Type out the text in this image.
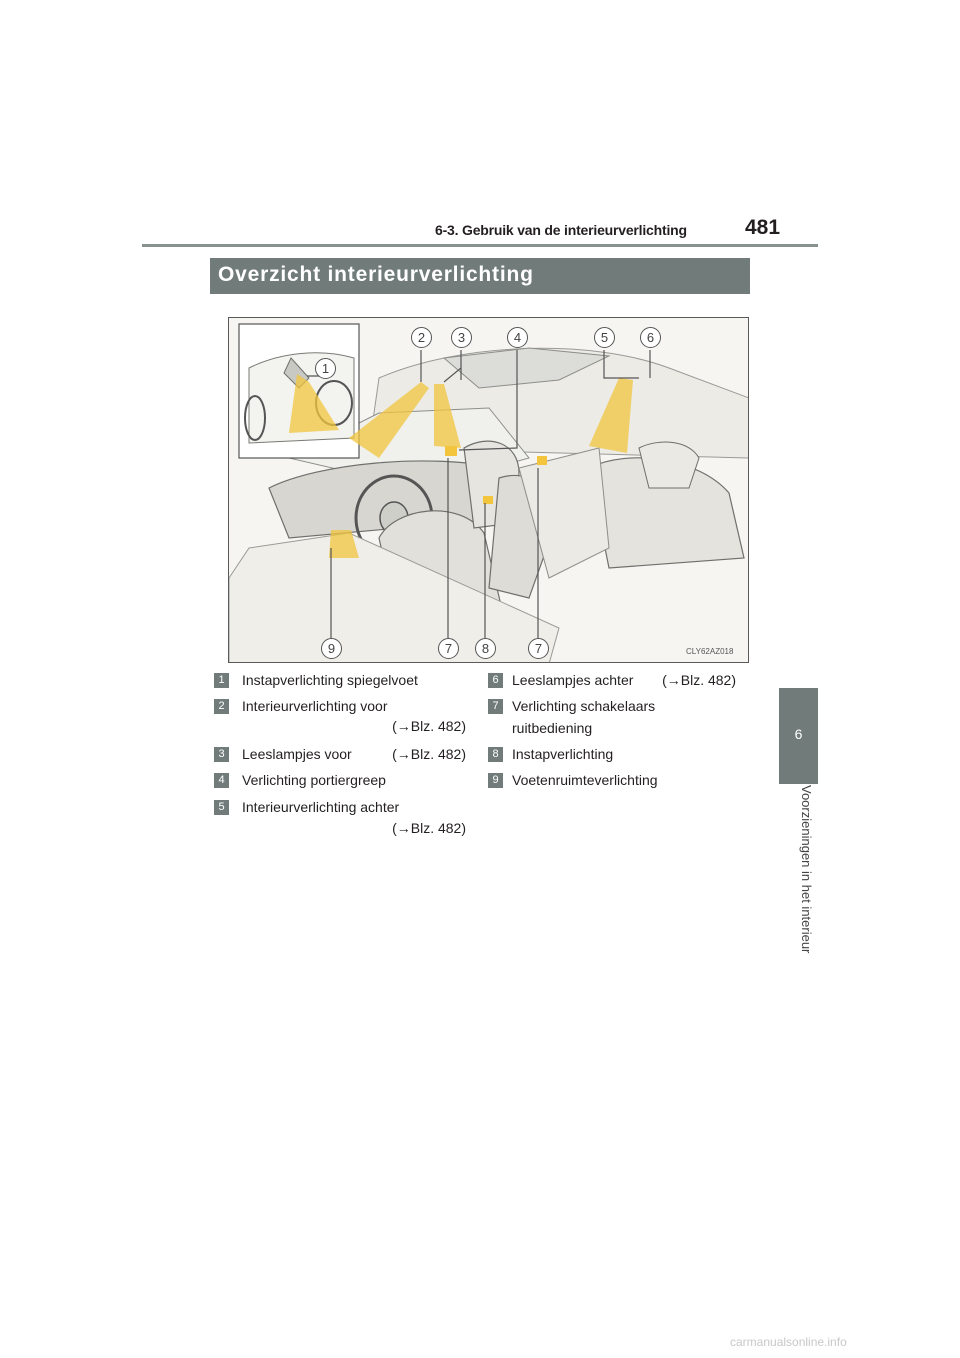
6-3. Gebruik van de interieurverlichting	481
6
Voorzieningen in het interieur
Overzicht interieurverlichting
2	3	4	5	6
1
9	7	8	7	CLY62AZ018
1	Instapverlichting spiegelvoet
2	Interieurverlichting voor
(→Blz. 482)
3	Leeslampjes voor	(→Blz. 482)
4	Verlichting portiergreep
5	Interieurverlichting achter
(→Blz. 482)
6 Leeslampjes achter	(→Blz. 482)
7 Verlichting schakelaars
ruitbediening
8 Instapverlichting
9 Voetenruimteverlichting
carmanualsonline.info
